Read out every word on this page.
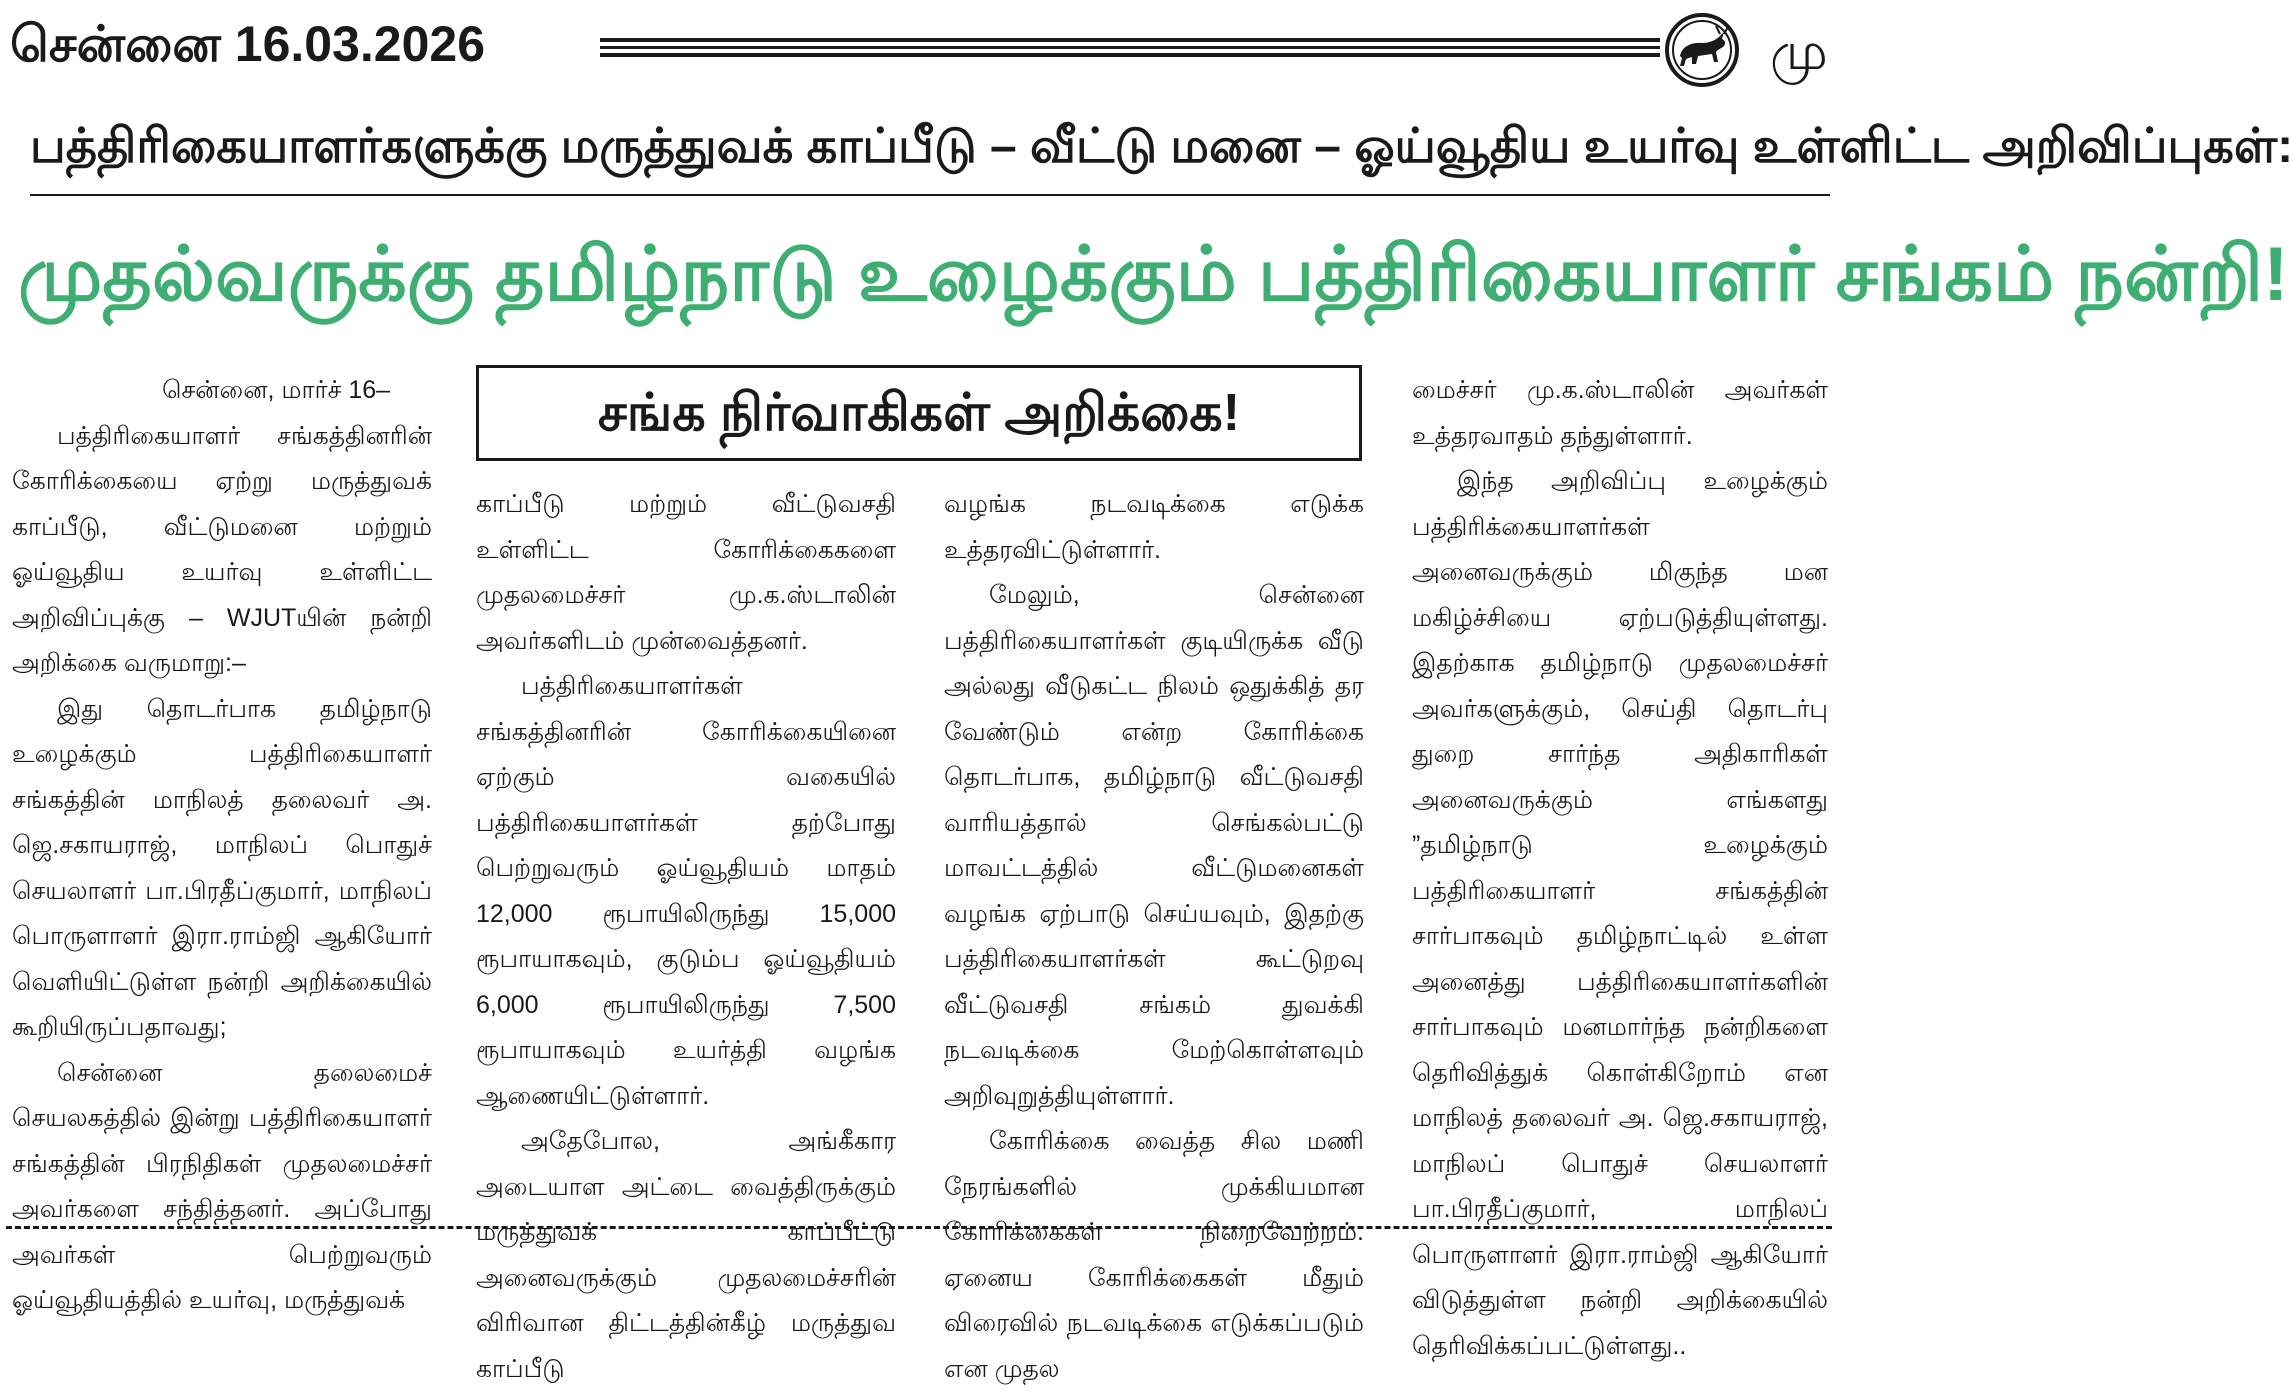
சென்னை 16.03.2026	மு
பத்திரிகையாளர்களுக்கு மருத்துவக் காப்பீடு – வீட்டு மனை – ஓய்வூதிய உயர்வு உள்ளிட்ட அறிவிப்புகள்:
முதல்வருக்கு தமிழ்நாடு உழைக்கும் பத்திரிகையாளர் சங்கம் நன்றி!
சங்க நிர்வாகிகள் அறிக்கை!

சென்னை, மார்ச் 16–

பத்திரிகையாளர் சங்கத்தினரின் கோரிக்கையை ஏற்று மருத்துவக் காப்பீடு, வீட்டுமனை மற்றும் ஓய்வூதிய உயர்வு உள்ளிட்ட அறிவிப்புக்கு – WJUTயின் நன்றி அறிக்கை வருமாறு:–

இது தொடர்பாக தமிழ்நாடு உழைக்கும் பத்திரிகையாளர் சங்கத்தின் மாநிலத் தலைவர் அ. ஜெ.சகாயராஜ், மாநிலப் பொதுச் செயலாளர் பா.பிரதீப்குமார், மாநிலப் பொருளாளர் இரா.ராம்ஜி ஆகியோர் வெளியிட்டுள்ள நன்றி அறிக்கையில் கூறியிருப்பதாவது;

சென்னை தலைமைச் செயலகத்தில் இன்று பத்திரிகையாளர் சங்கத்தின் பிரநிதிகள் முதலமைச்சர் அவர்களை சந்தித்தனர். அப்போது அவர்கள் பெற்றுவரும் ஓய்வூதியத்தில் உயர்வு, மருத்துவக்

காப்பீடு மற்றும் வீட்டுவசதி உள்ளிட்ட கோரிக்கைகளை முதலமைச்சர் மு.க.ஸ்டாலின் அவர்களிடம் முன்வைத்தனர்.

பத்திரிகையாளர்கள் சங்கத்தினரின் கோரிக்கையினை ஏற்கும் வகையில் பத்திரிகையாளர்கள் தற்போது பெற்றுவரும் ஓய்வூதியம் மாதம் 12,000 ரூபாயிலிருந்து 15,000 ரூபாயாகவும், குடும்ப ஓய்வூதியம் 6,000 ரூபாயிலிருந்து 7,500 ரூபாயாகவும் உயர்த்தி வழங்க ஆணையிட்டுள்ளார்.

அதேபோல, அங்கீகார அடையாள அட்டை வைத்திருக்கும் மருத்துவக் காப்பீட்டு அனைவருக்கும் முதலமைச்சரின் விரிவான திட்டத்தின்கீழ் மருத்துவ காப்பீடு

வழங்க நடவடிக்கை எடுக்க உத்தரவிட்டுள்ளார்.

மேலும், சென்னை பத்திரிகையாளர்கள் குடியிருக்க வீடு அல்லது வீடுகட்ட நிலம் ஒதுக்கித் தர வேண்டும் என்ற கோரிக்கை தொடர்பாக, தமிழ்நாடு வீட்டுவசதி வாரியத்தால் செங்கல்பட்டு மாவட்டத்தில் வீட்டுமனைகள் வழங்க ஏற்பாடு செய்யவும், இதற்கு பத்திரிகையாளர்கள் கூட்டுறவு வீட்டுவசதி சங்கம் துவக்கி நடவடிக்கை மேற்கொள்ளவும் அறிவுறுத்தியுள்ளார்.

கோரிக்கை வைத்த சில மணி நேரங்களில் முக்கியமான கோரிக்கைகள் நிறைவேற்றம். ஏனைய கோரிக்கைகள் மீதும் விரைவில் நடவடிக்கை எடுக்கப்படும் என முதல

மைச்சர் மு.க.ஸ்டாலின் அவர்கள் உத்தரவாதம் தந்துள்ளார்.

இந்த அறிவிப்பு உழைக்கும் பத்திரிக்கையாளர்கள் அனைவருக்கும் மிகுந்த மன மகிழ்ச்சியை ஏற்படுத்தியுள்ளது. இதற்காக தமிழ்நாடு முதலமைச்சர் அவர்களுக்கும், செய்தி தொடர்பு துறை சார்ந்த அதிகாரிகள் அனைவருக்கும் எங்களது ”தமிழ்நாடு உழைக்கும் பத்திரிகையாளர் சங்கத்தின் சார்பாகவும் தமிழ்நாட்டில் உள்ள அனைத்து பத்திரிகையாளர்களின் சார்பாகவும் மனமார்ந்த நன்றிகளை தெரிவித்துக் கொள்கிறோம் என மாநிலத் தலைவர் அ. ஜெ.சகாயராஜ், மாநிலப் பொதுச் செயலாளர் பா.பிரதீப்குமார், மாநிலப் பொருளாளர் இரா.ராம்ஜி ஆகியோர் விடுத்துள்ள நன்றி அறிக்கையில் தெரிவிக்கப்பட்டுள்ளது..
